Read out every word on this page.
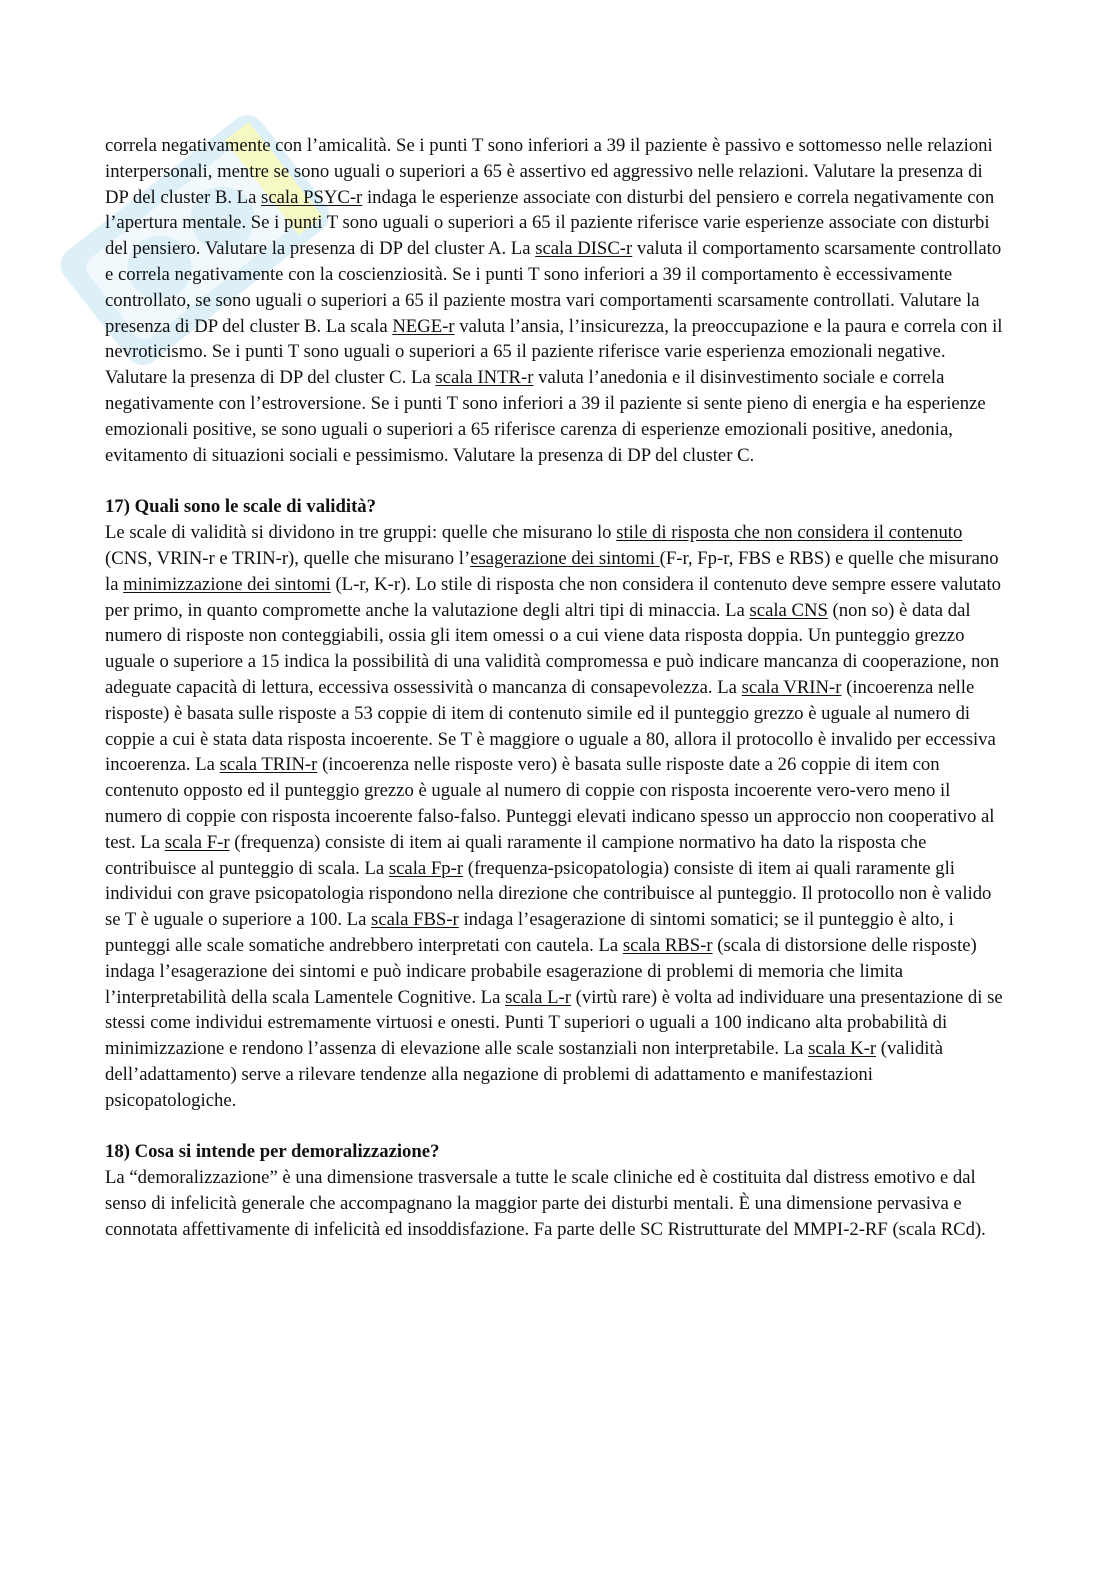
correla negativamente con l’amicalità. Se i punti T sono inferiori a 39 il paziente è passivo e sottomesso nelle relazioni interpersonali, mentre se sono uguali o superiori a 65 è assertivo ed aggressivo nelle relazioni. Valutare la presenza di DP del cluster B. La scala PSYC-r indaga le esperienze associate con disturbi del pensiero e correla negativamente con l’apertura mentale. Se i punti T sono uguali o superiori a 65 il paziente riferisce varie esperienze associate con disturbi del pensiero. Valutare la presenza di DP del cluster A. La scala DISC-r valuta il comportamento scarsamente controllato e correla negativamente con la coscienziosità. Se i punti T sono inferiori a 39 il comportamento è eccessivamente controllato, se sono uguali o superiori a 65 il paziente mostra vari comportamenti scarsamente controllati. Valutare la presenza di DP del cluster B. La scala NEGE-r valuta l’ansia, l’insicurezza, la preoccupazione e la paura e correla con il nevroticismo. Se i punti T sono uguali o superiori a 65 il paziente riferisce varie esperienza emozionali negative. Valutare la presenza di DP del cluster C. La scala INTR-r valuta l’anedonia e il disinvestimento sociale e correla negativamente con l’estroversione. Se i punti T sono inferiori a 39 il paziente si sente pieno di energia e ha esperienze emozionali positive, se sono uguali o superiori a 65 riferisce carenza di esperienze emozionali positive, anedonia, evitamento di situazioni sociali e pessimismo. Valutare la presenza di DP del cluster C.

17) Quali sono le scale di validità?

Le scale di validità si dividono in tre gruppi: quelle che misurano lo stile di risposta che non considera il contenuto (CNS, VRIN-r e TRIN-r), quelle che misurano l’esagerazione dei sintomi (F-r, Fp-r, FBS e RBS) e quelle che misurano la minimizzazione dei sintomi (L-r, K-r). Lo stile di risposta che non considera il contenuto deve sempre essere valutato per primo, in quanto compromette anche la valutazione degli altri tipi di minaccia. La scala CNS (non so) è data dal numero di risposte non conteggiabili, ossia gli item omessi o a cui viene data risposta doppia. Un punteggio grezzo uguale o superiore a 15 indica la possibilità di una validità compromessa e può indicare mancanza di cooperazione, non adeguate capacità di lettura, eccessiva ossessività o mancanza di consapevolezza. La scala VRIN-r (incoerenza nelle risposte) è basata sulle risposte a 53 coppie di item di contenuto simile ed il punteggio grezzo è uguale al numero di coppie a cui è stata data risposta incoerente. Se T è maggiore o uguale a 80, allora il protocollo è invalido per eccessiva incoerenza. La scala TRIN-r (incoerenza nelle risposte vero) è basata sulle risposte date a 26 coppie di item con contenuto opposto ed il punteggio grezzo è uguale al numero di coppie con risposta incoerente vero-vero meno il numero di coppie con risposta incoerente falso-falso. Punteggi elevati indicano spesso un approccio non cooperativo al test. La scala F-r (frequenza) consiste di item ai quali raramente il campione normativo ha dato la risposta che contribuisce al punteggio di scala. La scala Fp-r (frequenza-psicopatologia) consiste di item ai quali raramente gli individui con grave psicopatologia rispondono nella direzione che contribuisce al punteggio. Il protocollo non è valido se T è uguale o superiore a 100. La scala FBS-r indaga l’esagerazione di sintomi somatici; se il punteggio è alto, i punteggi alle scale somatiche andrebbero interpretati con cautela. La scala RBS-r (scala di distorsione delle risposte) indaga l’esagerazione dei sintomi e può indicare probabile esagerazione di problemi di memoria che limita l’interpretabilità della scala Lamentele Cognitive. La scala L-r (virtù rare) è volta ad individuare una presentazione di se stessi come individui estremamente virtuosi e onesti. Punti T superiori o uguali a 100 indicano alta probabilità di minimizzazione e rendono l’assenza di elevazione alle scale sostanziali non interpretabile. La scala K-r (validità dell’adattamento) serve a rilevare tendenze alla negazione di problemi di adattamento e manifestazioni psicopatologiche.

18) Cosa si intende per demoralizzazione?

La “demoralizzazione” è una dimensione trasversale a tutte le scale cliniche ed è costituita dal distress emotivo e dal senso di infelicità generale che accompagnano la maggior parte dei disturbi mentali. È una dimensione pervasiva e connotata affettivamente di infelicità ed insoddisfazione. Fa parte delle SC Ristrutturate del MMPI-2-RF (scala RCd).
